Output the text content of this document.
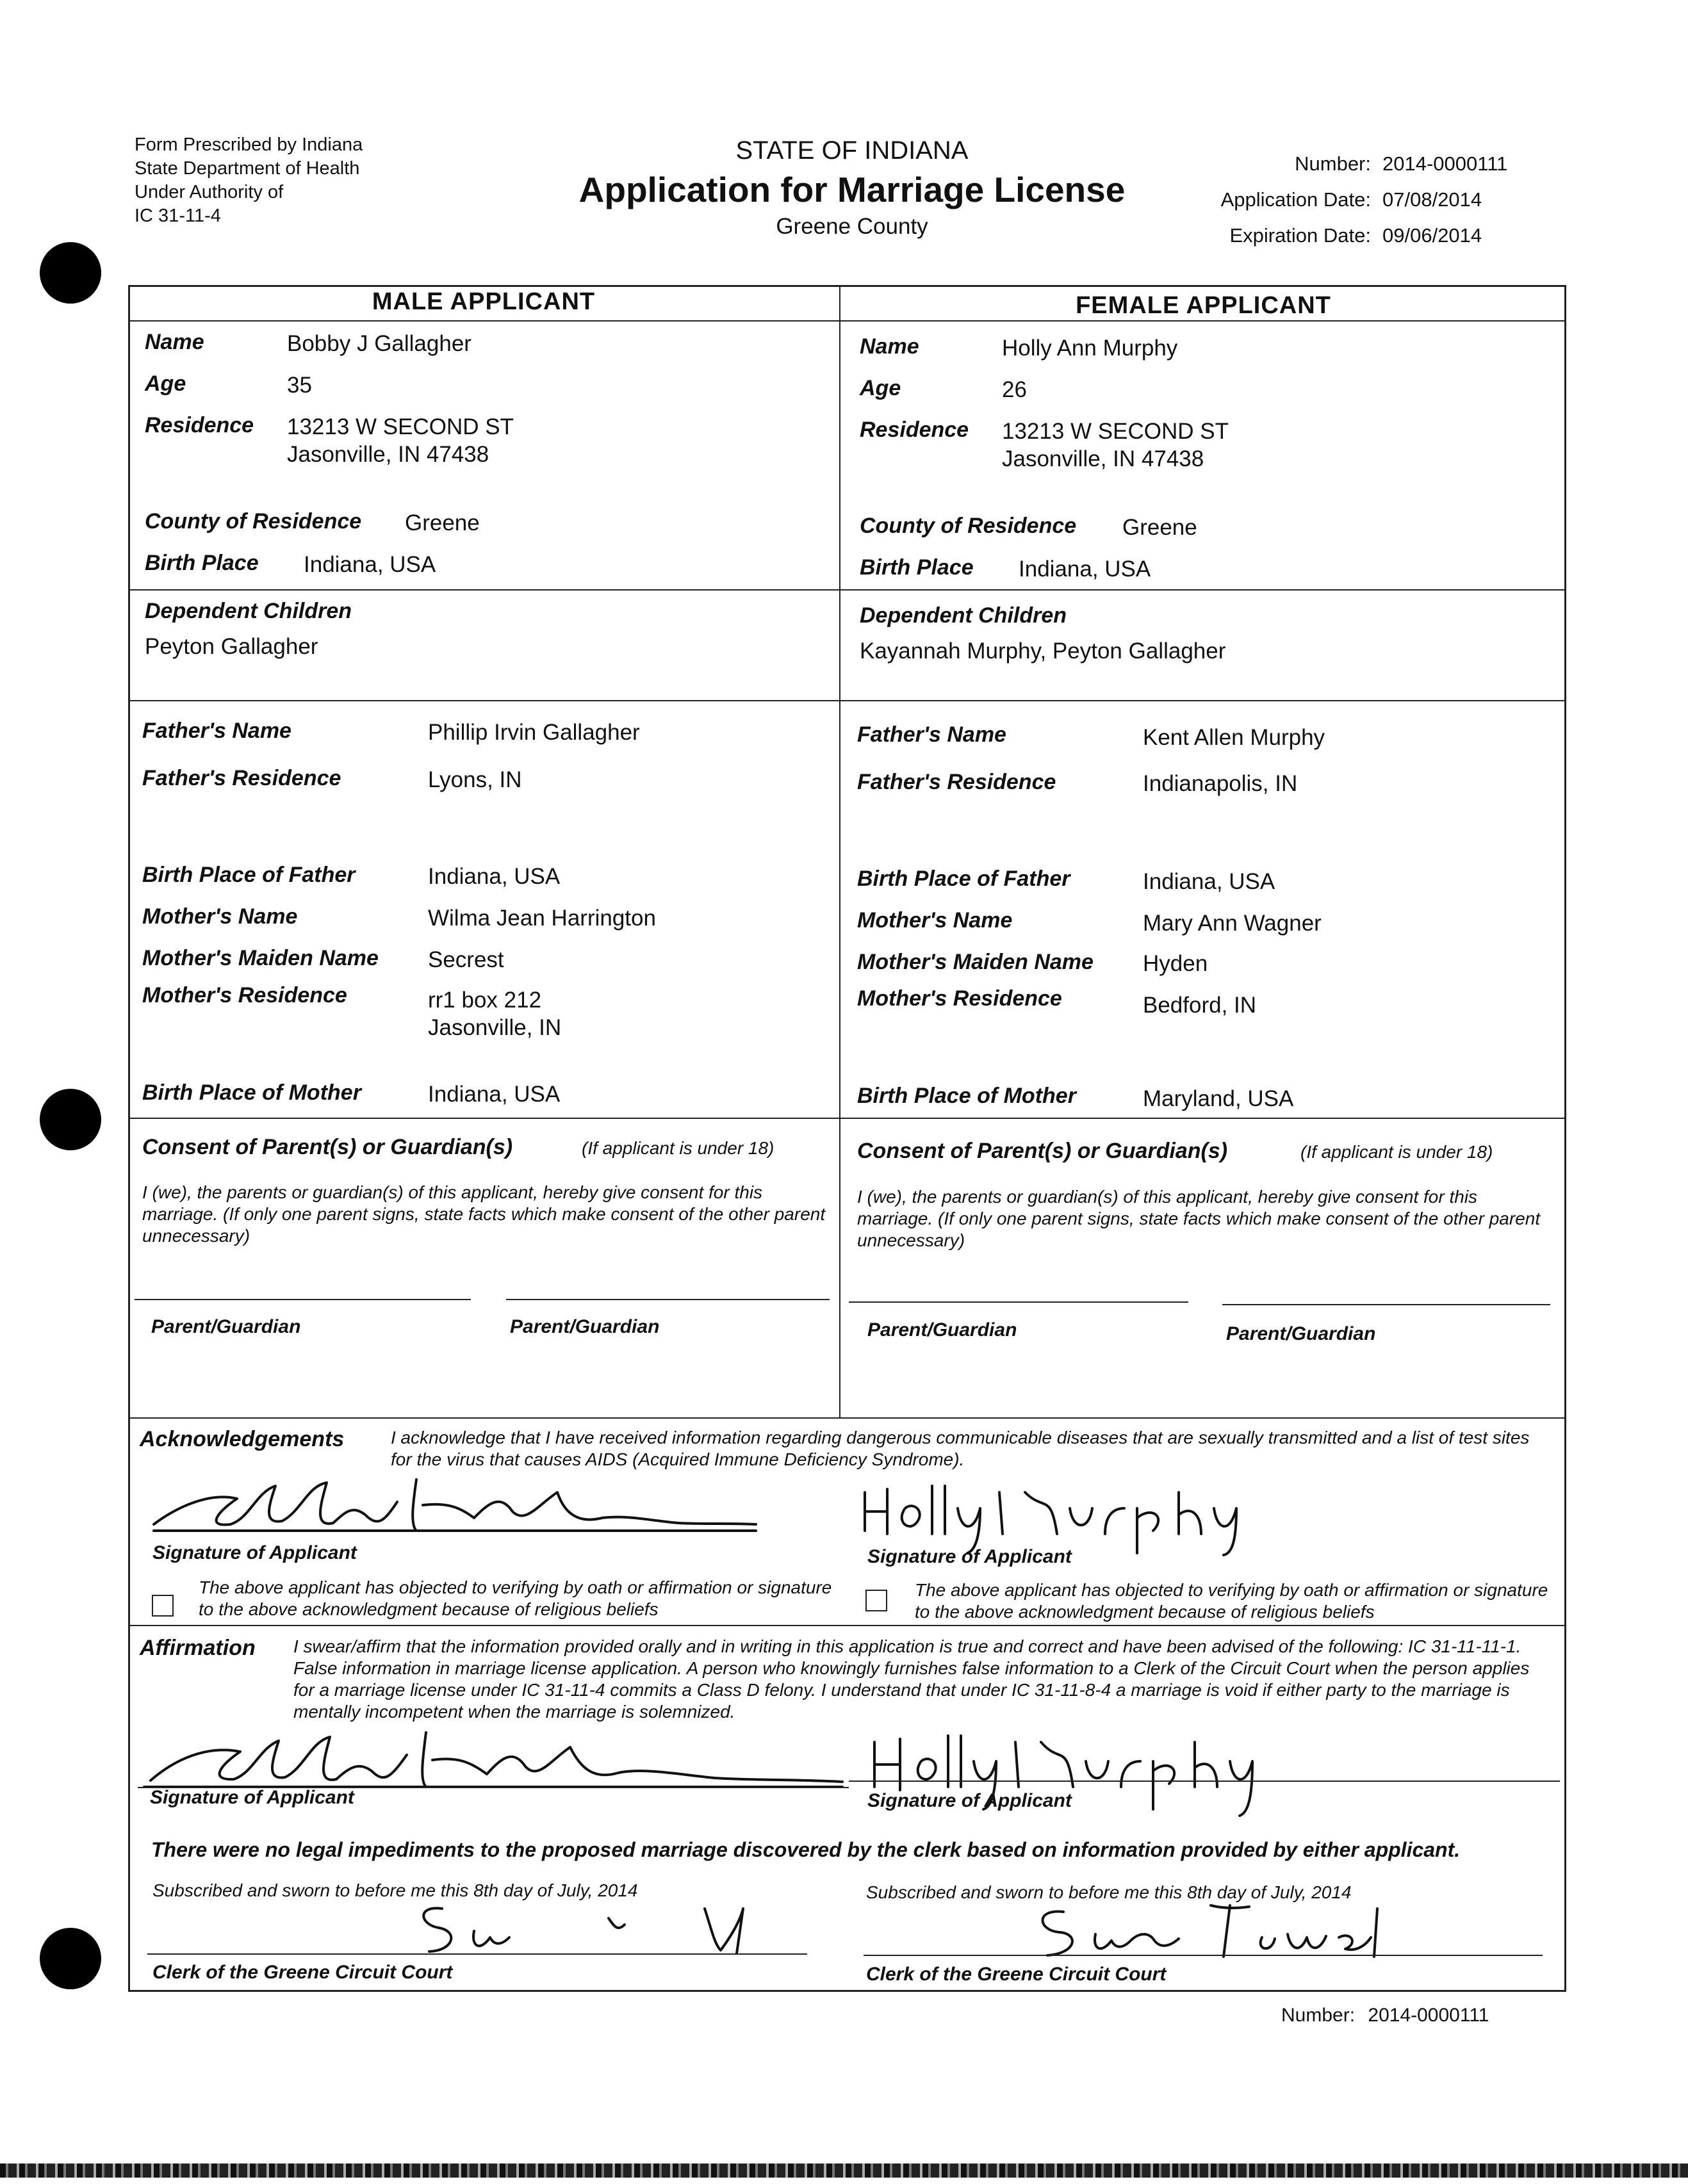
Form Prescribed by Indiana
State Department of Health
Under Authority of
IC 31-11-4
STATE OF INDIANA
Application for Marriage License
Greene County
Number: 2014-0000111
Application Date: 07/08/2014
Expiration Date: 09/06/2014
MALE APPLICANT	FEMALE APPLICANT
Name	Bobby J Gallagher
Age	35
Residence 13213 W SECOND ST
Jasonville, IN 47438
County of Residence Greene
Birth Place Indiana, USA
Dependent Children
Peyton Gallagher
Father's Name	Phillip Irvin Gallagher
Father's Residence	Lyons, IN
Birth Place of Father	Indiana, USA
Mother's Name	Wilma Jean Harrington
Mother's Maiden Name Secrest
Mother's Residence	rr1 box 212
Jasonville, IN
Birth Place of Mother	Indiana, USA
Name	Holly Ann Murphy
Age	26
Residence 13213 W SECOND ST
Jasonville, IN 47438
County of Residence Greene
Birth Place Indiana, USA
Dependent Children
Kayannah Murphy, Peyton Gallagher
Father's Name	Kent Allen Murphy
Father's Residence	Indianapolis, IN
Birth Place of Father	Indiana, USA
Mother's Name	Mary Ann Wagner
Mother's Maiden Name Hyden
Mother's Residence	Bedford, IN
Birth Place of Mother	Maryland, USA
Consent of Parent(s) or Guardian(s)	(If applicant is under 18)
I (we), the parents or guardian(s) of this applicant, hereby give consent for this marriage. (If only one parent signs, state facts which make consent of the other parent unnecessary)
Parent/Guardian	Parent/Guardian
Consent of Parent(s) or Guardian(s)	(If applicant is under 18)
I (we), the parents or guardian(s) of this applicant, hereby give consent for this marriage. (If only one parent signs, state facts which make consent of the other parent unnecessary)
Parent/Guardian	Parent/Guardian
Acknowledgements	I acknowledge that I have received information regarding dangerous communicable diseases that are sexually transmitted and a list of test sites for the virus that causes AIDS (Acquired Immune Deficiency Syndrome).
Signature of Applicant	Signature of Applicant
The above applicant has objected to verifying by oath or affirmation or signature to the above acknowledgment because of religious beliefs
The above applicant has objected to verifying by oath or affirmation or signature to the above acknowledgment because of religious beliefs
Affirmation I swear/affirm that the information provided orally and in writing in this application is true and correct and have been advised of the following: IC 31-11-11-1. False information in marriage license application. A person who knowingly furnishes false information to a Clerk of the Circuit Court when the person applies for a marriage license under IC 31-11-4 commits a Class D felony. I understand that under IC 31-11-8-4 a marriage is void if either party to the marriage is mentally incompetent when the marriage is solemnized.
Signature of Applicant	Signature of Applicant
There were no legal impediments to the proposed marriage discovered by the clerk based on information provided by either applicant.
Subscribed and sworn to before me this 8th day of July, 2014	Subscribed and sworn to before me this 8th day of July, 2014
Clerk of the Greene Circuit Court	Clerk of the Greene Circuit Court
Number: 2014-0000111
